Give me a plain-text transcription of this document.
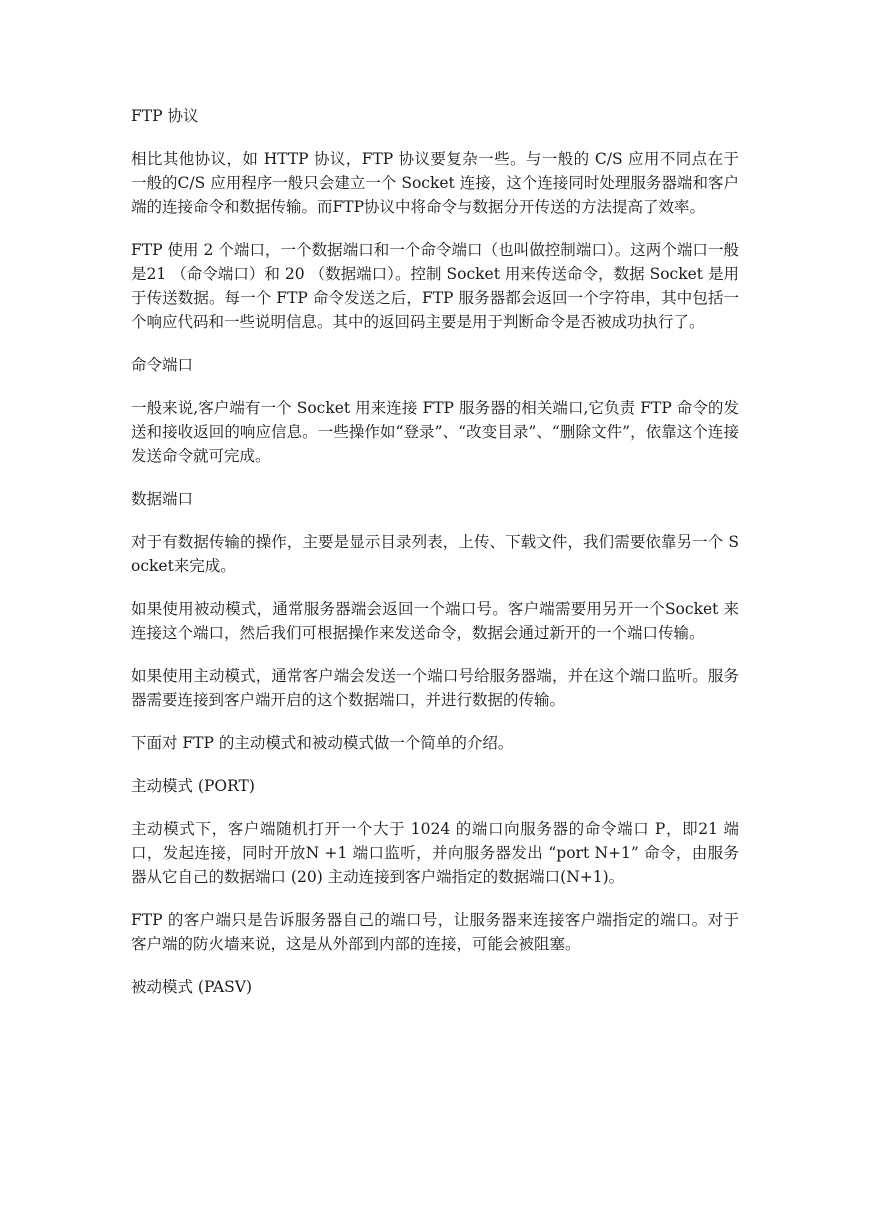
FTP 协议

相比其他协议，如 HTTP 协议，FTP 协议要复杂一些。与一般的 C/S 应用不同点在于一般的C/S 应用程序一般只会建立一个 Socket 连接，这个连接同时处理服务器端和客户端的连接命令和数据传输。而FTP协议中将命令与数据分开传送的方法提高了效率。

FTP 使用 2 个端口，一个数据端口和一个命令端口（也叫做控制端口）。这两个端口一般是21 （命令端口）和 20 （数据端口）。控制 Socket 用来传送命令，数据 Socket 是用于传送数据。每一个 FTP 命令发送之后，FTP 服务器都会返回一个字符串，其中包括一个响应代码和一些说明信息。其中的返回码主要是用于判断命令是否被成功执行了。

命令端口

一般来说,客户端有一个 Socket 用来连接 FTP 服务器的相关端口,它负责 FTP 命令的发送和接收返回的响应信息。一些操作如“登录”、“改变目录”、“删除文件”，依靠这个连接发送命令就可完成。

数据端口

对于有数据传输的操作，主要是显示目录列表，上传、下载文件，我们需要依靠另一个 Socket来完成。

如果使用被动模式，通常服务器端会返回一个端口号。客户端需要用另开一个Socket 来连接这个端口，然后我们可根据操作来发送命令，数据会通过新开的一个端口传输。

如果使用主动模式，通常客户端会发送一个端口号给服务器端，并在这个端口监听。服务器需要连接到客户端开启的这个数据端口，并进行数据的传输。

下面对 FTP 的主动模式和被动模式做一个简单的介绍。

主动模式 (PORT)

主动模式下，客户端随机打开一个大于 1024 的端口向服务器的命令端口 P，即21 端口，发起连接，同时开放N +1 端口监听，并向服务器发出 “port N+1” 命令，由服务器从它自己的数据端口 (20) 主动连接到客户端指定的数据端口(N+1)。

FTP 的客户端只是告诉服务器自己的端口号，让服务器来连接客户端指定的端口。对于客户端的防火墙来说，这是从外部到内部的连接，可能会被阻塞。

被动模式 (PASV)
